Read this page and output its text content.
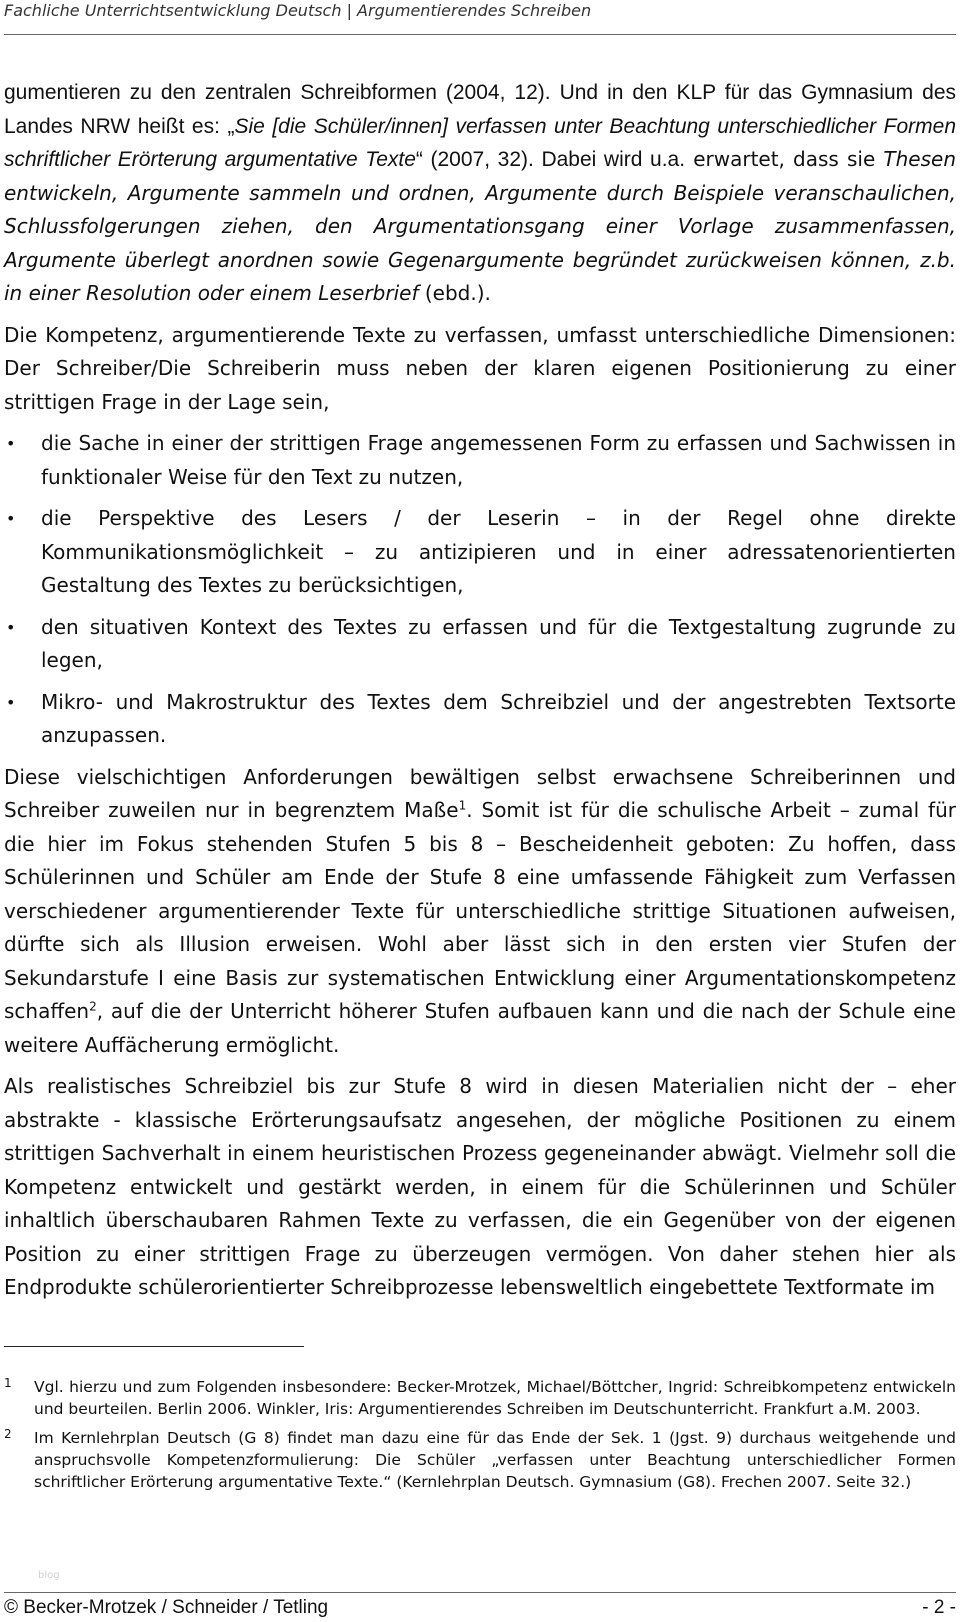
Fachliche Unterrichtsentwicklung Deutsch | Argumentierendes Schreiben

gumentieren zu den zentralen Schreibformen (2004, 12). Und in den KLP für das Gymnasium des Landes NRW heißt es: „Sie [die Schüler/innen] verfassen unter Beachtung unterschiedlicher Formen schriftlicher Erörterung argumentative Texte“ (2007, 32). Dabei wird u.a. erwartet, dass sie Thesen entwickeln, Argumente sammeln und ordnen, Argumente durch Beispiele veranschaulichen, Schlussfolgerungen ziehen, den Argumentationsgang einer Vorlage zusammenfassen, Argumente überlegt anordnen sowie Gegenargumente begründet zurückweisen können, z.b. in einer Resolution oder einem Leserbrief (ebd.).

Die Kompetenz, argumentierende Texte zu verfassen, umfasst unterschiedliche Dimensionen: Der Schreiber/Die Schreiberin muss neben der klaren eigenen Positionierung zu einer strittigen Frage in der Lage sein,

• die Sache in einer der strittigen Frage angemessenen Form zu erfassen und Sachwissen in funktionaler Weise für den Text zu nutzen,
• die Perspektive des Lesers / der Leserin – in der Regel ohne direkte Kommunikationsmöglichkeit – zu antizipieren und in einer adressatenorientierten Gestaltung des Textes zu berücksichtigen,
• den situativen Kontext des Textes zu erfassen und für die Textgestaltung zugrunde zu legen,
• Mikro- und Makrostruktur des Textes dem Schreibziel und der angestrebten Textsorte anzupassen.

Diese vielschichtigen Anforderungen bewältigen selbst erwachsene Schreiberinnen und Schreiber zuweilen nur in begrenztem Maße$^1$. Somit ist für die schulische Arbeit – zumal für die hier im Fokus stehenden Stufen 5 bis 8 – Bescheidenheit geboten: Zu hoffen, dass Schülerinnen und Schüler am Ende der Stufe 8 eine umfassende Fähigkeit zum Verfassen verschiedener argumentierender Texte für unterschiedliche strittige Situationen aufweisen, dürfte sich als Illusion erweisen. Wohl aber lässt sich in den ersten vier Stufen der Sekundarstufe I eine Basis zur systematischen Entwicklung einer Argumentationskompetenz schaffen$^2$, auf die der Unterricht höherer Stufen aufbauen kann und die nach der Schule eine weitere Auffächerung ermöglicht.

Als realistisches Schreibziel bis zur Stufe 8 wird in diesen Materialien nicht der – eher abstrakte - klassische Erörterungsaufsatz angesehen, der mögliche Positionen zu einem strittigen Sachverhalt in einem heuristischen Prozess gegeneinander abwägt. Vielmehr soll die Kompetenz entwickelt und gestärkt werden, in einem für die Schülerinnen und Schüler inhaltlich überschaubaren Rahmen Texte zu verfassen, die ein Gegenüber von der eigenen Position zu einer strittigen Frage zu überzeugen vermögen. Von daher stehen hier als Endprodukte schülerorientierter Schreibprozesse lebensweltlich eingebettete Textformate im

1 Vgl. hierzu und zum Folgenden insbesondere: Becker-Mrotzek, Michael/Böttcher, Ingrid: Schreibkompetenz entwickeln und beurteilen. Berlin 2006. Winkler, Iris: Argumentierendes Schreiben im Deutschunterricht. Frankfurt a.M. 2003.
2 Im Kernlehrplan Deutsch (G 8) findet man dazu eine für das Ende der Sek. 1 (Jgst. 9) durchaus weitgehende und anspruchsvolle Kompetenzformulierung: Die Schüler „verfassen unter Beachtung unterschiedlicher Formen schriftlicher Erörterung argumentative Texte.“ (Kernlehrplan Deutsch. Gymnasium (G8). Frechen 2007. Seite 32.)
blog
© Becker-Mrotzek / Schneider / Tetling	- 2 -
